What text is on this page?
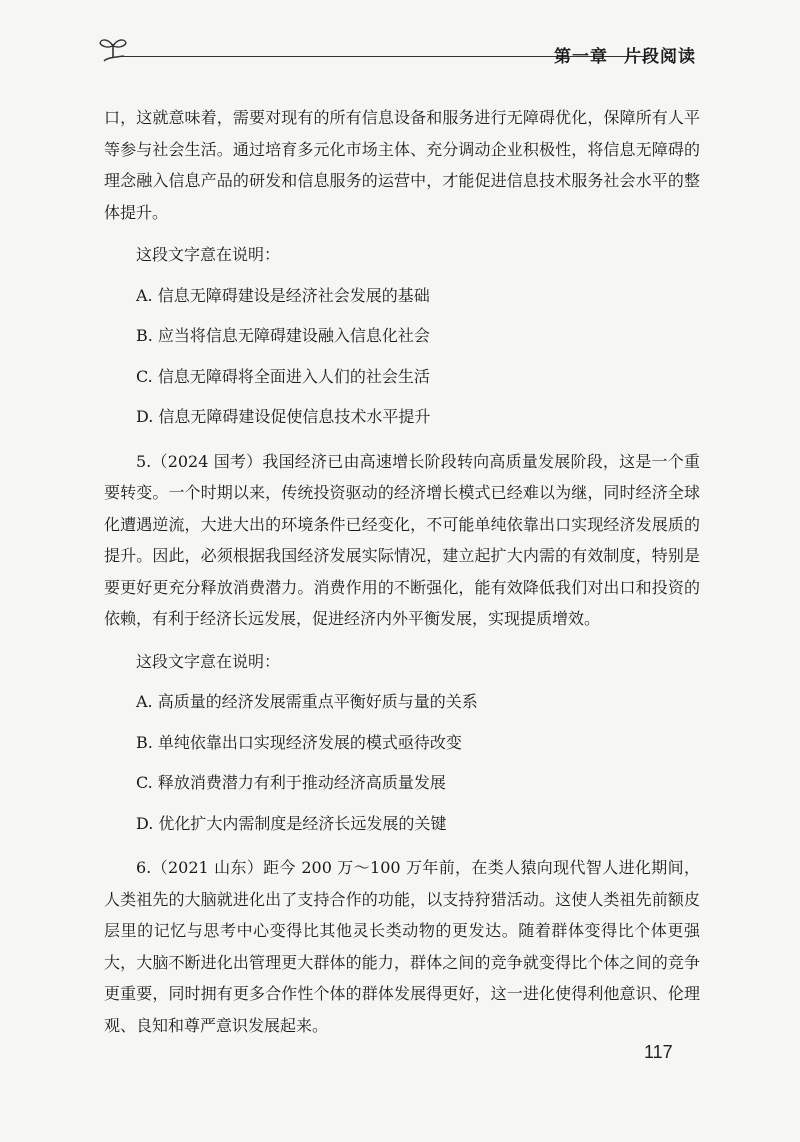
第一章 片段阅读

口，这就意味着，需要对现有的所有信息设备和服务进行无障碍优化，保障所有人平等参与社会生活。通过培育多元化市场主体、充分调动企业积极性，将信息无障碍的理念融入信息产品的研发和信息服务的运营中，才能促进信息技术服务社会水平的整体提升。

这段文字意在说明：

A. 信息无障碍建设是经济社会发展的基础

B. 应当将信息无障碍建设融入信息化社会

C. 信息无障碍将全面进入人们的社会生活

D. 信息无障碍建设促使信息技术水平提升

5.（2024 国考）我国经济已由高速增长阶段转向高质量发展阶段，这是一个重要转变。一个时期以来，传统投资驱动的经济增长模式已经难以为继，同时经济全球化遭遇逆流，大进大出的环境条件已经变化，不可能单纯依靠出口实现经济发展质的提升。因此，必须根据我国经济发展实际情况，建立起扩大内需的有效制度，特别是要更好更充分释放消费潜力。消费作用的不断强化，能有效降低我们对出口和投资的依赖，有利于经济长远发展，促进经济内外平衡发展，实现提质增效。

这段文字意在说明：

A. 高质量的经济发展需重点平衡好质与量的关系

B. 单纯依靠出口实现经济发展的模式亟待改变

C. 释放消费潜力有利于推动经济高质量发展

D. 优化扩大内需制度是经济长远发展的关键

6.（2021 山东）距今 200 万～100 万年前，在类人猿向现代智人进化期间，人类祖先的大脑就进化出了支持合作的功能，以支持狩猎活动。这使人类祖先前额皮层里的记忆与思考中心变得比其他灵长类动物的更发达。随着群体变得比个体更强大，大脑不断进化出管理更大群体的能力，群体之间的竞争就变得比个体之间的竞争更重要，同时拥有更多合作性个体的群体发展得更好，这一进化使得利他意识、伦理观、良知和尊严意识发展起来。

117
